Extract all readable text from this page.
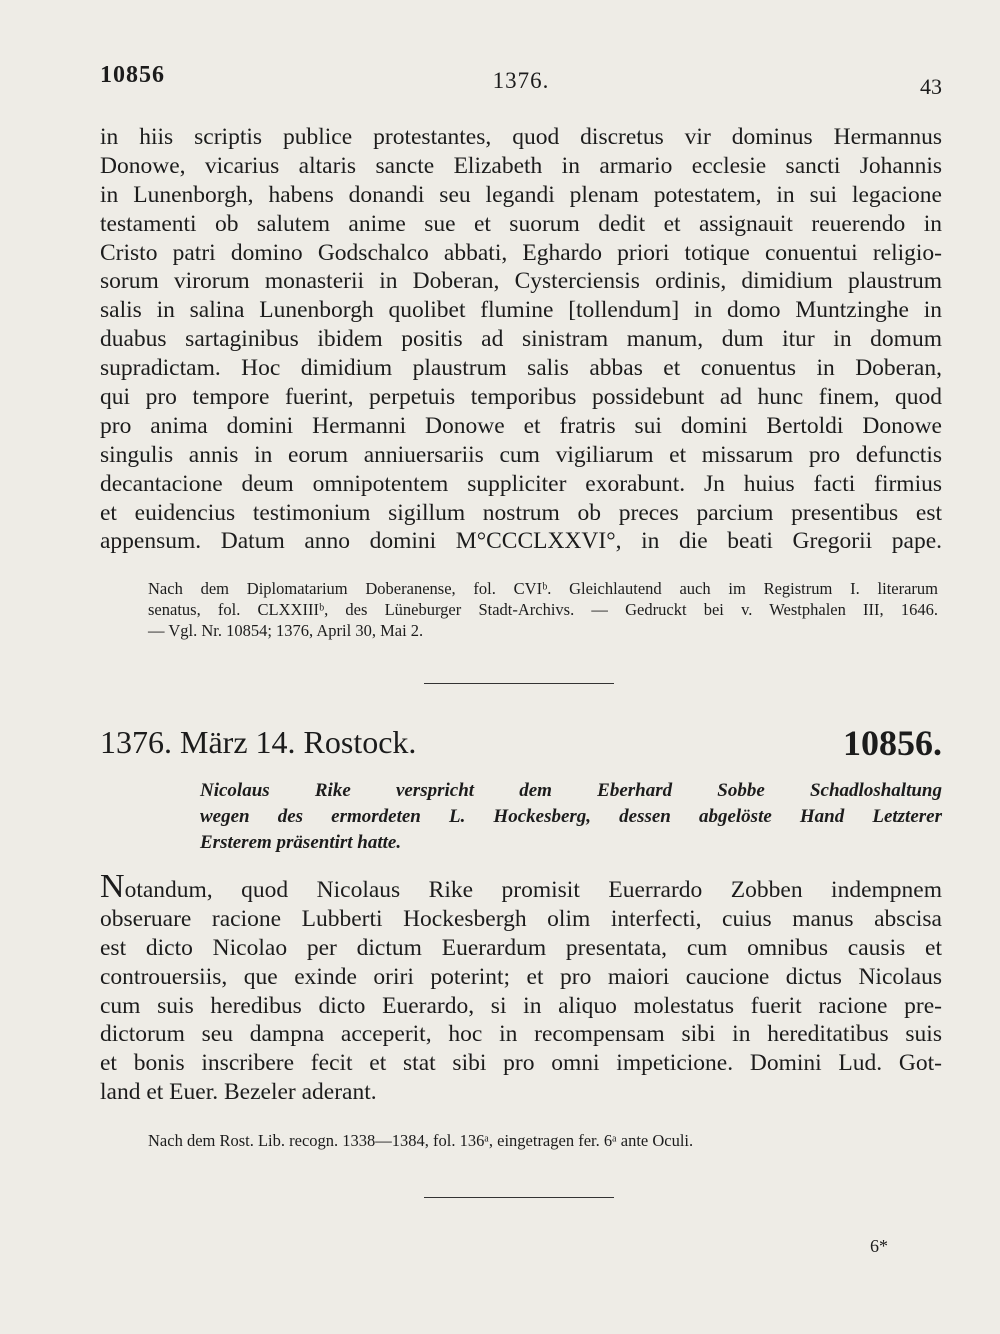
10856	1376.	43
in hiis scriptis publice protestantes, quod discretus vir dominus Hermannus
Donowe, vicarius altaris sancte Elizabeth in armario ecclesie sancti Johannis
in Lunenborgh, habens donandi seu legandi plenam potestatem, in sui legacione
testamenti ob salutem anime sue et suorum dedit et assignauit reuerendo in
Cristo patri domino Godschalco abbati, Eghardo priori totique conuentui religio-
sorum virorum monasterii in Doberan, Cysterciensis ordinis, dimidium plaustrum
salis in salina Lunenborgh quolibet flumine [tollendum] in domo Muntzinghe in
duabus sartaginibus ibidem positis ad sinistram manum, dum itur in domum
supradictam. Hoc dimidium plaustrum salis abbas et conuentus in Doberan,
qui pro tempore fuerint, perpetuis temporibus possidebunt ad hunc finem, quod
pro anima domini Hermanni Donowe et fratris sui domini Bertoldi Donowe
singulis annis in eorum anniuersariis cum vigiliarum et missarum pro defunctis
decantacione deum omnipotentem suppliciter exorabunt. Jn huius facti firmius
et euidencius testimonium sigillum nostrum ob preces parcium presentibus est
appensum. Datum anno domini M°CCCLXXVI°, in die beati Gregorii pape.
Nach dem Diplomatarium Doberanense, fol. CVIᵇ. Gleichlautend auch im Registrum I. literarum
senatus, fol. CLXXIIIᵇ, des Lüneburger Stadt-Archivs. — Gedruckt bei v. Westphalen III, 1646.
— Vgl. Nr. 10854; 1376, April 30, Mai 2.
1376. März 14. Rostock.	10856.
Nicolaus Rike verspricht dem Eberhard Sobbe Schadloshaltung
wegen des ermordeten L. Hockesberg, dessen abgelöste Hand Letzterer
Ersterem präsentirt hatte.
Notandum, quod Nicolaus Rike promisit Euerrardo Zobben indempnem
obseruare racione Lubberti Hockesbergh olim interfecti, cuius manus abscisa
est dicto Nicolao per dictum Euerardum presentata, cum omnibus causis et
controuersiis, que exinde oriri poterint; et pro maiori caucione dictus Nicolaus
cum suis heredibus dicto Euerardo, si in aliquo molestatus fuerit racione pre-
dictorum seu dampna acceperit, hoc in recompensam sibi in hereditatibus suis
et bonis inscribere fecit et stat sibi pro omni impeticione. Domini Lud. Got-
land et Euer. Bezeler aderant.
Nach dem Rost. Lib. recogn. 1338—1384, fol. 136ᵃ, eingetragen fer. 6ᵃ ante Oculi.
6*
